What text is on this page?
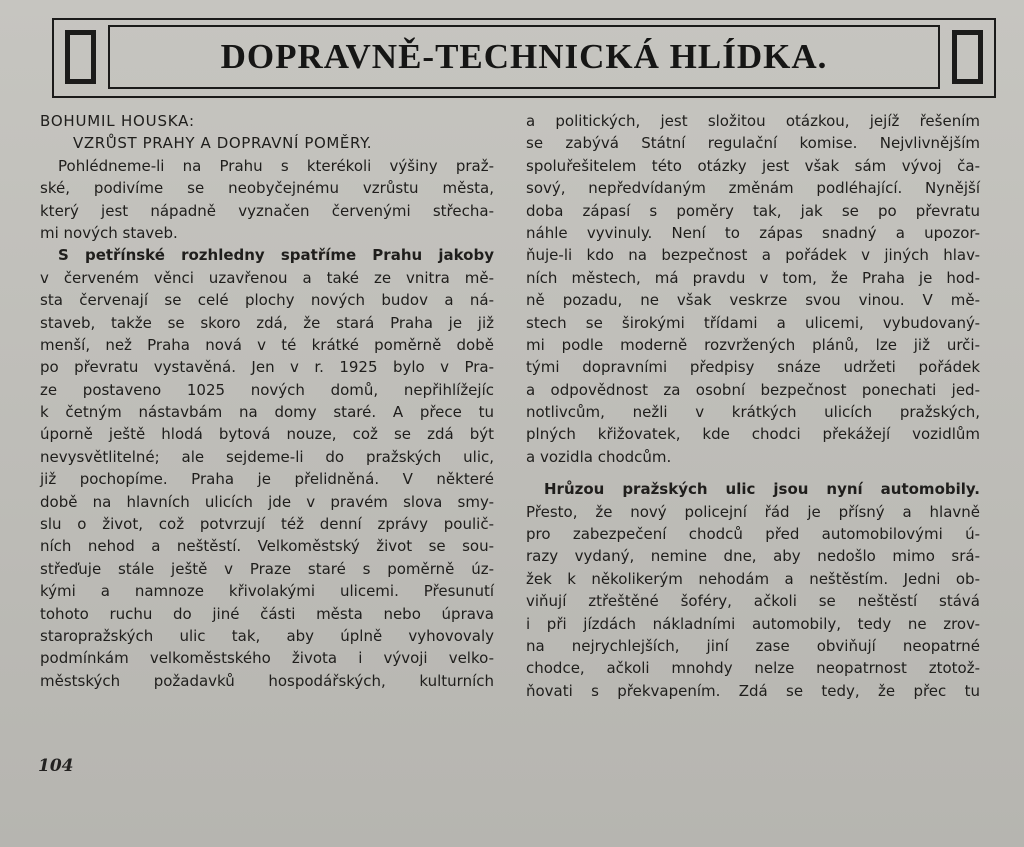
DOPRAVNĚ-TECHNICKÁ HLÍDKA.
BOHUMIL HOUSKA:
VZRŮST PRAHY A DOPRAVNÍ POMĚRY.
Pohlédneme-li na Prahu s kterékoli výšiny praž-
ské, podivíme se neobyčejnému vzrůstu města,
který jest nápadně vyznačen červenými střecha-
mi nových staveb.
S petřínské rozhledny spatříme Prahu jakoby
v červeném věnci uzavřenou a také ze vnitra mě-
sta červenají se celé plochy nových budov a ná-
staveb, takže se skoro zdá, že stará Praha je již
menší, než Praha nová v té krátké poměrně době
po převratu vystavěná. Jen v r. 1925 bylo v Pra-
ze postaveno 1025 nových domů, nepřihlížejíc
k četným nástavbám na domy staré. A přece tu
úporně ještě hlodá bytová nouze, což se zdá být
nevysvětlitelné; ale sejdeme-li do pražských ulic,
již pochopíme. Praha je přelidněná. V některé
době na hlavních ulicích jde v pravém slova smy-
slu o život, což potvrzují též denní zprávy poulič-
ních nehod a neštěstí. Velkoměstský život se sou-
střeďuje stále ještě v Praze staré s poměrně úz-
kými a namnoze křivolakými ulicemi. Přesunutí
tohoto ruchu do jiné části města nebo úprava
staropražských ulic tak, aby úplně vyhovovaly
podmínkám velkoměstského života i vývoji velko-
městských požadavků hospodářských, kulturních
a politických, jest složitou otázkou, jejíž řešením
se zabývá Státní regulační komise. Nejvlivnějším
spoluřešitelem této otázky jest však sám vývoj ča-
sový, nepředvídaným změnám podléhající. Nynější
doba zápasí s poměry tak, jak se po převratu
náhle vyvinuly. Není to zápas snadný a upozor-
ňuje-li kdo na bezpečnost a pořádek v jiných hlav-
ních městech, má pravdu v tom, že Praha je hod-
ně pozadu, ne však veskrze svou vinou. V mě-
stech se širokými třídami a ulicemi, vybudovaný-
mi podle moderně rozvržených plánů, lze již urči-
tými dopravními předpisy snáze udržeti pořádek
a odpovědnost za osobní bezpečnost ponechati jed-
notlivcům, nežli v krátkých ulicích pražských,
plných křižovatek, kde chodci překážejí vozidlům
a vozidla chodcům.
Hrůzou pražských ulic jsou nyní automobily.
Přesto, že nový policejní řád je přísný a hlavně
pro zabezpečení chodců před automobilovými ú-
razy vydaný, nemine dne, aby nedošlo mimo srá-
žek k několikerým nehodám a neštěstím. Jedni ob-
viňují ztřeštěné šoféry, ačkoli se neštěstí stává
i při jízdách nákladními automobily, tedy ne zrov-
na nejrychlejších, jiní zase obviňují neopatrné
chodce, ačkoli mnohdy nelze neopatrnost ztotož-
ňovati s překvapením. Zdá se tedy, že přec tu
104
